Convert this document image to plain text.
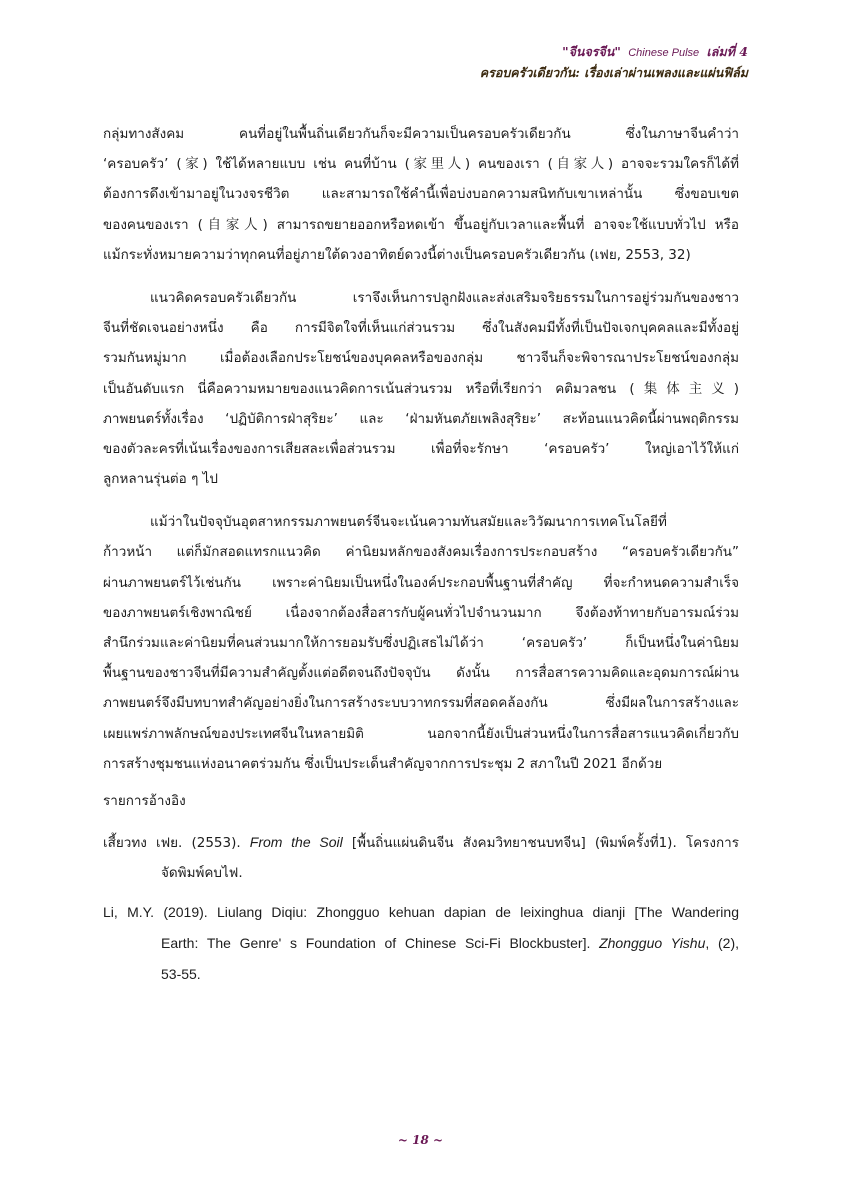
"จีนจรจีน" Chinese Pulse เล่มที่ 4
ครอบครัวเดียวกัน: เรื่องเล่าผ่านเพลงและแผ่นฟิล์ม
กลุ่มทางสังคม คนที่อยู่ในพื้นถิ่นเดียวกันก็จะมีความเป็นครอบครัวเดียวกัน ซึ่งในภาษาจีนคำว่า
‘ครอบครัว’ (家) ใช้ได้หลายแบบ เช่น คนที่บ้าน (家里人) คนของเรา (自家人) อาจจะรวมใครก็ได้ที่
ต้องการดึงเข้ามาอยู่ในวงจรชีวิต และสามารถใช้คำนี้เพื่อบ่งบอกความสนิทกับเขาเหล่านั้น ซึ่งขอบเขต
ของคนของเรา (自家人) สามารถขยายออกหรือหดเข้า ขึ้นอยู่กับเวลาและพื้นที่ อาจจะใช้แบบทั่วไป หรือ
แม้กระทั่งหมายความว่าทุกคนที่อยู่ภายใต้ดวงอาทิตย์ดวงนี้ต่างเป็นครอบครัวเดียวกัน (เฟย, 2553, 32)
แนวคิดครอบครัวเดียวกัน เราจึงเห็นการปลูกฝังและส่งเสริมจริยธรรมในการอยู่ร่วมกันของชาว
จีนที่ชัดเจนอย่างหนึ่ง คือ การมีจิตใจที่เห็นแก่ส่วนรวม ซึ่งในสังคมมีทั้งที่เป็นปัจเจกบุคคลและมีทั้งอยู่
รวมกันหมู่มาก เมื่อต้องเลือกประโยชน์ของบุคคลหรือของกลุ่ม ชาวจีนก็จะพิจารณาประโยชน์ของกลุ่ม
เป็นอันดับแรก นี่คือความหมายของแนวคิดการเน้นส่วนรวม หรือที่เรียกว่า คติมวลชน (集体主义)
ภาพยนตร์ทั้งเรื่อง ‘ปฏิบัติการฝ่าสุริยะ’ และ ‘ฝ่ามหันตภัยเพลิงสุริยะ’ สะท้อนแนวคิดนี้ผ่านพฤติกรรม
ของตัวละครที่เน้นเรื่องของการเสียสละเพื่อส่วนรวม เพื่อที่จะรักษา ‘ครอบครัว’ ใหญ่เอาไว้ให้แก่
ลูกหลานรุ่นต่อ ๆ ไป
แม้ว่าในปัจจุบันอุตสาหกรรมภาพยนตร์จีนจะเน้นความทันสมัยและวิวัฒนาการเทคโนโลยีที่
ก้าวหน้า แต่ก็มักสอดแทรกแนวคิด ค่านิยมหลักของสังคมเรื่องการประกอบสร้าง “ครอบครัวเดียวกัน”
ผ่านภาพยนตร์ไว้เช่นกัน เพราะค่านิยมเป็นหนึ่งในองค์ประกอบพื้นฐานที่สำคัญ ที่จะกำหนดความสำเร็จ
ของภาพยนตร์เชิงพาณิชย์ เนื่องจากต้องสื่อสารกับผู้คนทั่วไปจำนวนมาก จึงต้องท้าทายกับอารมณ์ร่วม
สำนึกร่วมและค่านิยมที่คนส่วนมากให้การยอมรับซึ่งปฏิเสธไม่ได้ว่า ‘ครอบครัว’ ก็เป็นหนึ่งในค่านิยม
พื้นฐานของชาวจีนที่มีความสำคัญตั้งแต่อดีตจนถึงปัจจุบัน ดังนั้น การสื่อสารความคิดและอุดมการณ์ผ่าน
ภาพยนตร์จึงมีบทบาทสำคัญอย่างยิ่งในการสร้างระบบวาทกรรมที่สอดคล้องกัน ซึ่งมีผลในการสร้างและ
เผยแพร่ภาพลักษณ์ของประเทศจีนในหลายมิติ นอกจากนี้ยังเป็นส่วนหนึ่งในการสื่อสารแนวคิดเกี่ยวกับ
การสร้างชุมชนแห่งอนาคตร่วมกัน ซึ่งเป็นประเด็นสำคัญจากการประชุม 2 สภาในปี 2021 อีกด้วย
รายการอ้างอิง
เสี้ยวทง เฟย. (2553). From the Soil [พื้นถิ่นแผ่นดินจีน สังคมวิทยาชนบทจีน] (พิมพ์ครั้งที่1). โครงการ
จัดพิมพ์คบไฟ.
Li, M.Y. (2019). Liulang Diqiu: Zhongguo kehuan dapian de leixinghua dianji [The Wandering
Earth: The Genre' s Foundation of Chinese Sci-Fi Blockbuster]. Zhongguo Yishu, (2),
53-55.
~ 18 ~
